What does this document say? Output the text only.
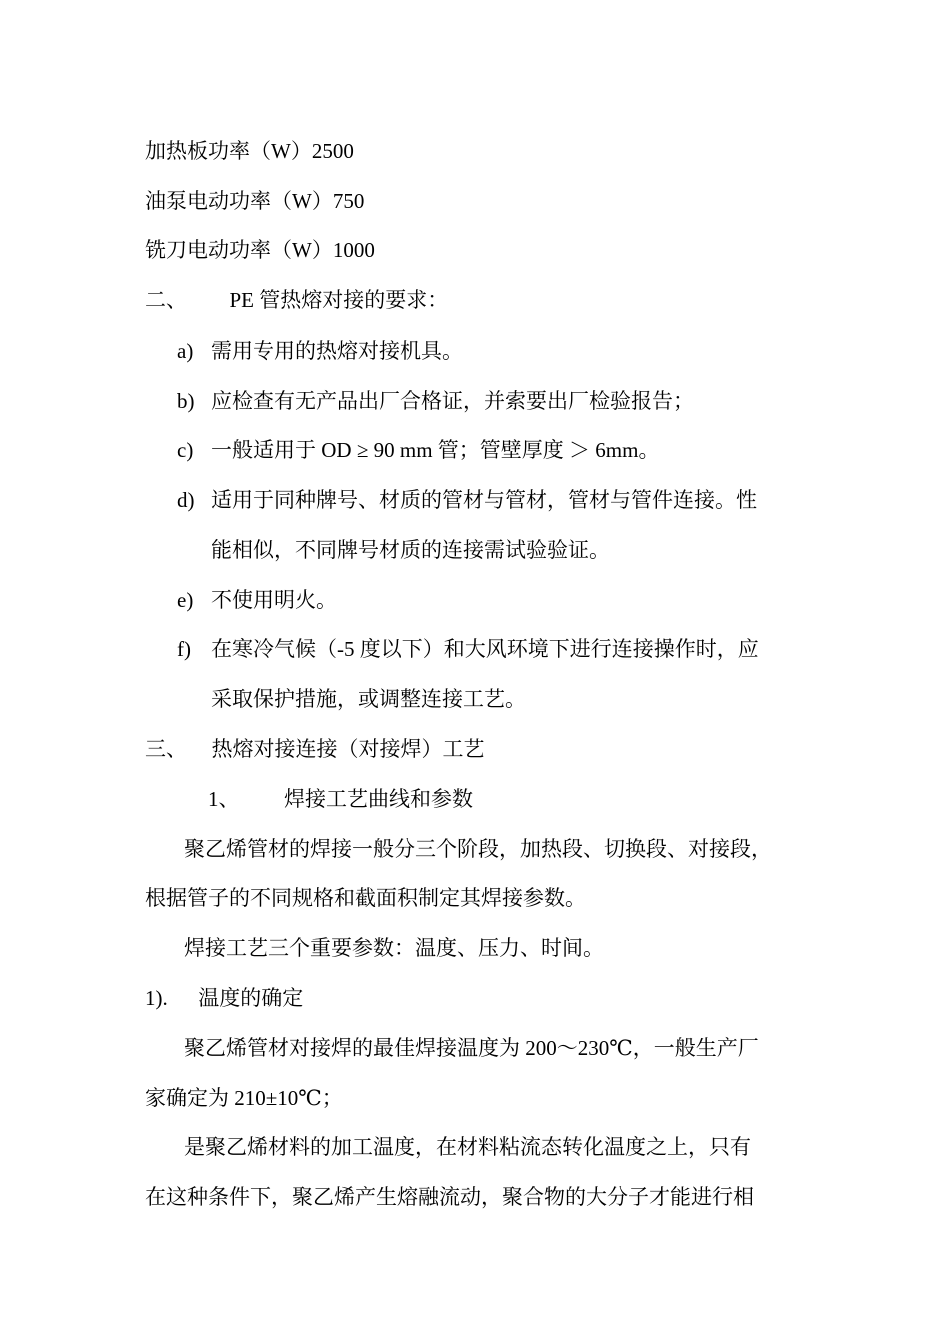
加热板功率（W）2500
油泵电动功率（W）750
铣刀电动功率（W）1000
二、 PE 管热熔对接的要求：
a) 需用专用的热熔对接机具。
b) 应检查有无产品出厂合格证，并索要出厂检验报告；
c) 一般适用于 OD ≥ 90 mm 管；管壁厚度 ＞ 6mm。
d) 适用于同种牌号、材质的管材与管材，管材与管件连接。性
能相似，不同牌号材质的连接需试验验证。
e) 不使用明火。
f) 在寒冷气候（-5 度以下）和大风环境下进行连接操作时，应
采取保护措施，或调整连接工艺。
三、 热熔对接连接（对接焊）工艺
1、 焊接工艺曲线和参数
聚乙烯管材的焊接一般分三个阶段，加热段、切换段、对接段，
根据管子的不同规格和截面积制定其焊接参数。
焊接工艺三个重要参数：温度、压力、时间。
1). 温度的确定
聚乙烯管材对接焊的最佳焊接温度为 200～230℃，一般生产厂
家确定为 210±10℃；
是聚乙烯材料的加工温度，在材料粘流态转化温度之上，只有
在这种条件下，聚乙烯产生熔融流动，聚合物的大分子才能进行相
